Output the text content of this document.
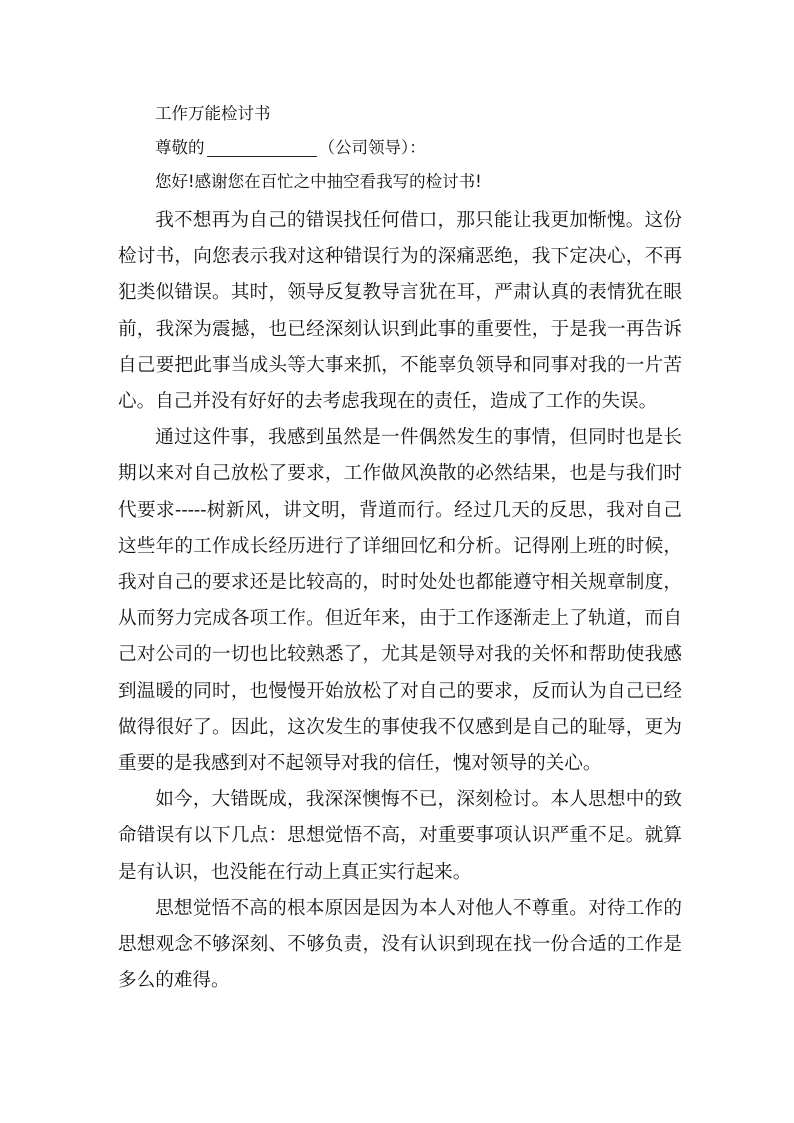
工作万能检讨书
尊敬的	（公司领导）：
您好!感谢您在百忙之中抽空看我写的检讨书!

我不想再为自己的错误找任何借口，那只能让我更加惭愧。这份检讨书，向您表示我对这种错误行为的深痛恶绝，我下定决心，不再犯类似错误。其时，领导反复教导言犹在耳，严肃认真的表情犹在眼前，我深为震撼，也已经深刻认识到此事的重要性，于是我一再告诉自己要把此事当成头等大事来抓，不能辜负领导和同事对我的一片苦心。自己并没有好好的去考虑我现在的责任，造成了工作的失误。

通过这件事，我感到虽然是一件偶然发生的事情，但同时也是长期以来对自己放松了要求，工作做风涣散的必然结果，也是与我们时代要求-----树新风，讲文明，背道而行。经过几天的反思，我对自己这些年的工作成长经历进行了详细回忆和分析。记得刚上班的时候，我对自己的要求还是比较高的，时时处处也都能遵守相关规章制度，从而努力完成各项工作。但近年来，由于工作逐渐走上了轨道，而自己对公司的一切也比较熟悉了，尤其是领导对我的关怀和帮助使我感到温暖的同时，也慢慢开始放松了对自己的要求，反而认为自己已经做得很好了。因此，这次发生的事使我不仅感到是自己的耻辱，更为重要的是我感到对不起领导对我的信任，愧对领导的关心。

如今，大错既成，我深深懊悔不已，深刻检讨。本人思想中的致命错误有以下几点：思想觉悟不高，对重要事项认识严重不足。就算是有认识，也没能在行动上真正实行起来。

思想觉悟不高的根本原因是因为本人对他人不尊重。对待工作的思想观念不够深刻、不够负责，没有认识到现在找一份合适的工作是多么的难得。
